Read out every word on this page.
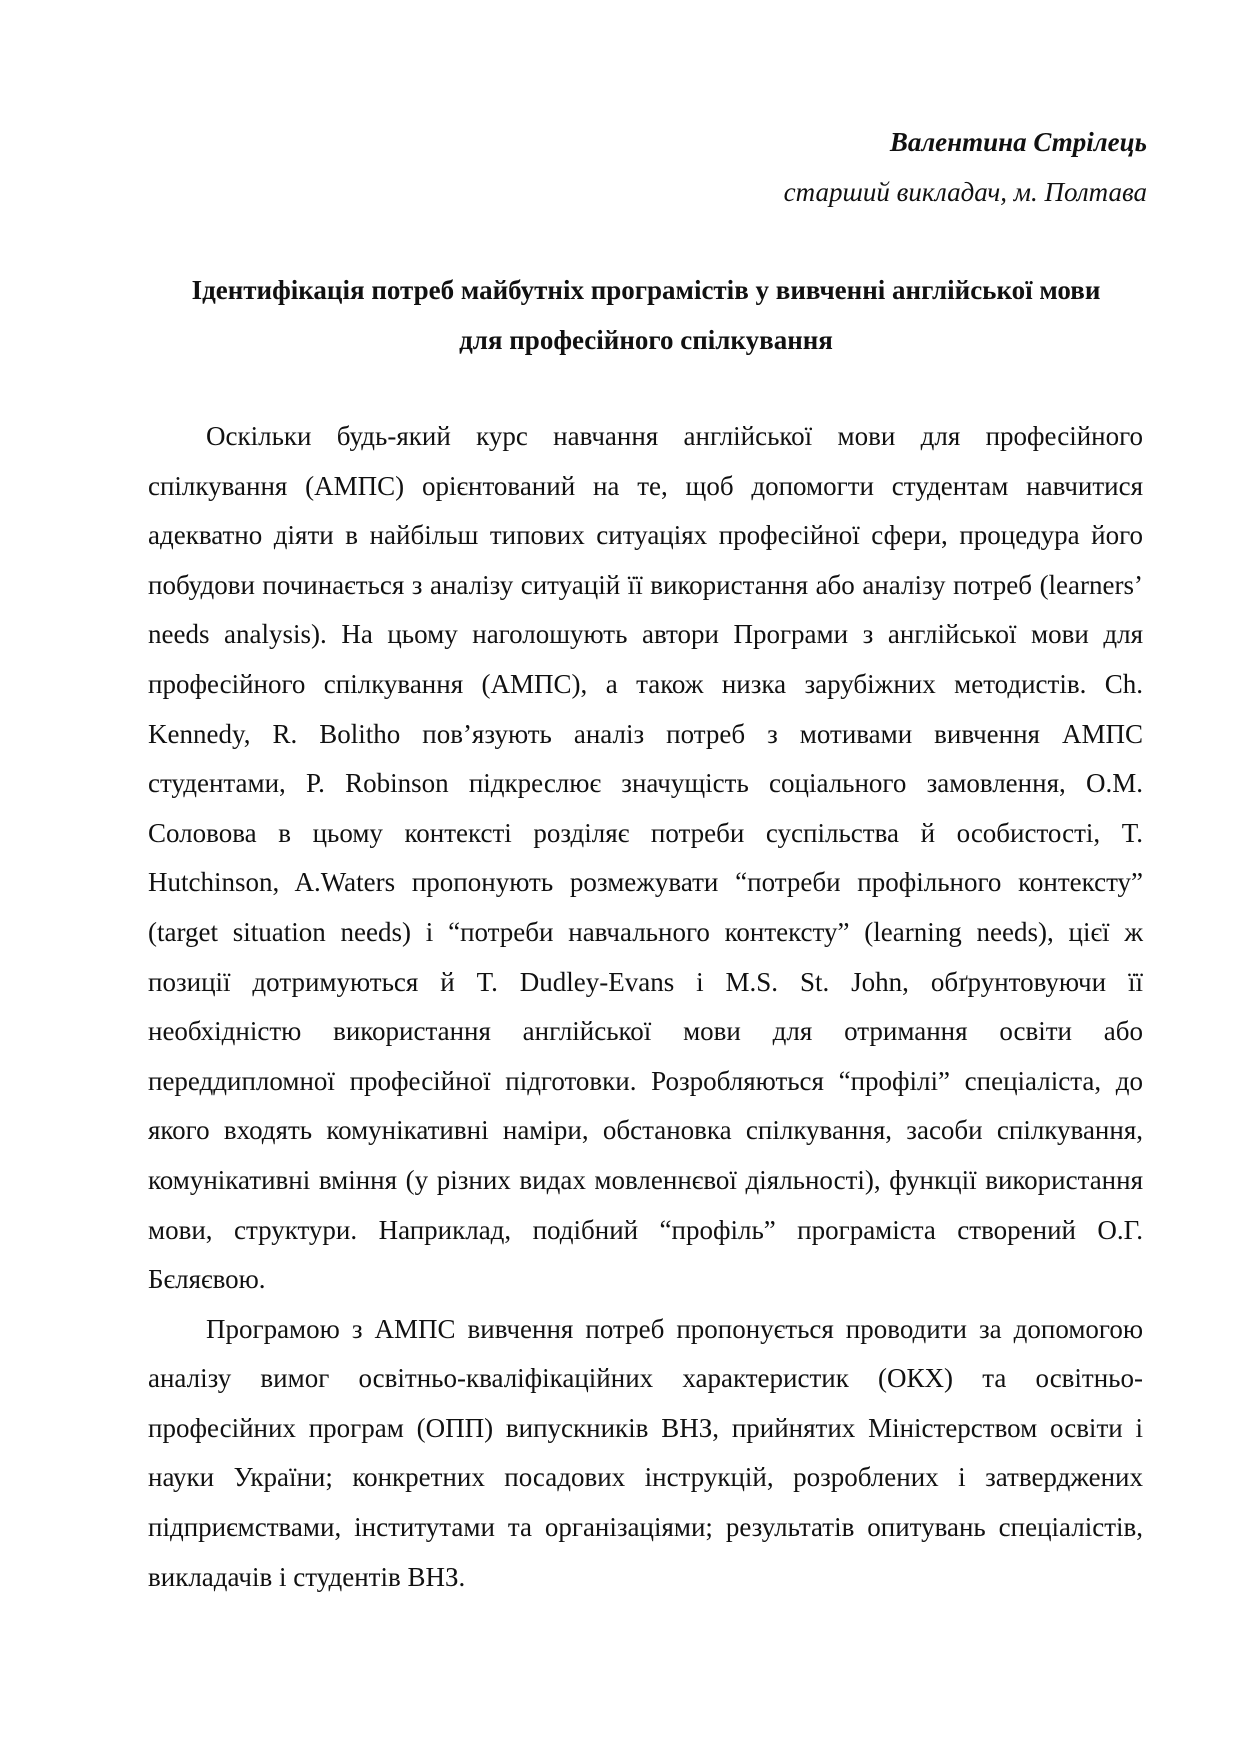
Валентина Стрілець
старший викладач, м. Полтава
Ідентифікація потреб майбутніх програмістів у вивченні англійської мови
для професійного спілкування

Оскільки будь-який курс навчання англійської мови для професійного спілкування (АМПС) орієнтований на те, щоб допомогти студентам навчитися адекватно діяти в найбільш типових ситуаціях професійної сфери, процедура його побудови починається з аналізу ситуацій її використання або аналізу потреб (learners’ needs analysis). На цьому наголошують автори Програми з англійської мови для професійного спілкування (АМПС), а також низка зарубіжних методистів. Ch. Kennedy, R. Bolitho пов’язують аналіз потреб з мотивами вивчення АМПС студентами, P. Robinson підкреслює значущість соціального замовлення, О.М. Соловова в цьому контексті розділяє потреби суспільства й особистості, T. Hutchinson, A.Waters пропонують розмежувати “потреби профільного контексту” (target situation needs) і “потреби навчального контексту” (learning needs), цієї ж позиції дотримуються й T. Dudley-Evans і M.S. St. John, обґрунтовуючи її необхідністю використання англійської мови для отримання освіти або переддипломної професійної підготовки. Розробляються “профілі” спеціаліста, до якого входять комунікативні наміри, обстановка спілкування, засоби спілкування, комунікативні вміння (у різних видах мовленнєвої діяльності), функції використання мови, структури. Наприклад, подібний “профіль” програміста створений О.Г. Бєляєвою.

Програмою з АМПС вивчення потреб пропонується проводити за допомогою аналізу вимог освітньо-кваліфікаційних характеристик (ОКХ) та освітньо-професійних програм (ОПП) випускників ВНЗ, прийнятих Міністерством освіти і науки України; конкретних посадових інструкцій, розроблених і затверджених підприємствами, інститутами та організаціями; результатів опитувань спеціалістів, викладачів і студентів ВНЗ.
